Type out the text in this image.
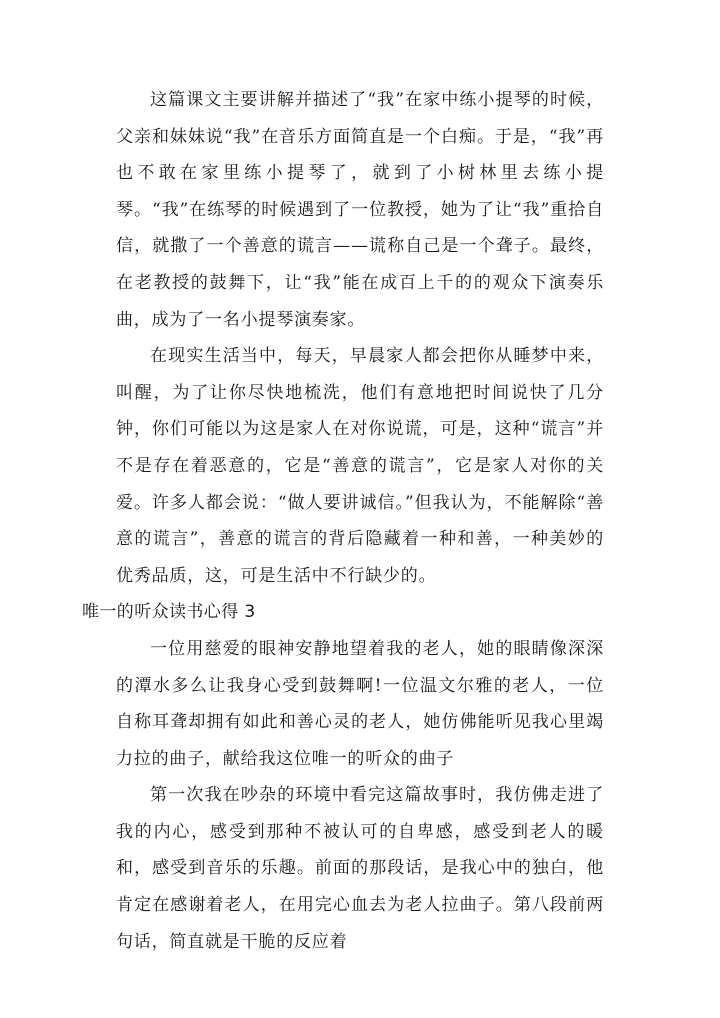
这篇课文主要讲解并描述了“我”在家中练小提琴的时候，父亲和妹妹说“我”在音乐方面简直是一个白痴。于是，“我”再也不敢在家里练小提琴了，就到了小树林里去练小提琴。“我”在练琴的时候遇到了一位教授，她为了让“我”重拾自信，就撒了一个善意的谎言——谎称自己是一个聋子。最终，在老教授的鼓舞下，让“我”能在成百上千的的观众下演奏乐曲，成为了一名小提琴演奏家。

在现实生活当中，每天，早晨家人都会把你从睡梦中来，叫醒，为了让你尽快地梳洗，他们有意地把时间说快了几分钟，你们可能以为这是家人在对你说谎，可是，这种“谎言”并不是存在着恶意的，它是“善意的谎言”，它是家人对你的关爱。许多人都会说：“做人要讲诚信。”但我认为，不能解除“善意的谎言”，善意的谎言的背后隐藏着一种和善，一种美妙的优秀品质，这，可是生活中不行缺少的。

唯一的听众读书心得 3

一位用慈爱的眼神安静地望着我的老人，她的眼睛像深深的潭水多么让我身心受到鼓舞啊!一位温文尔雅的老人，一位自称耳聋却拥有如此和善心灵的老人，她仿佛能听见我心里竭力拉的曲子，献给我这位唯一的听众的曲子

第一次我在吵杂的环境中看完这篇故事时，我仿佛走进了我的内心，感受到那种不被认可的自卑感，感受到老人的暖和，感受到音乐的乐趣。前面的那段话，是我心中的独白，他肯定在感谢着老人，在用完心血去为老人拉曲子。第八段前两句话，简直就是干脆的反应着
